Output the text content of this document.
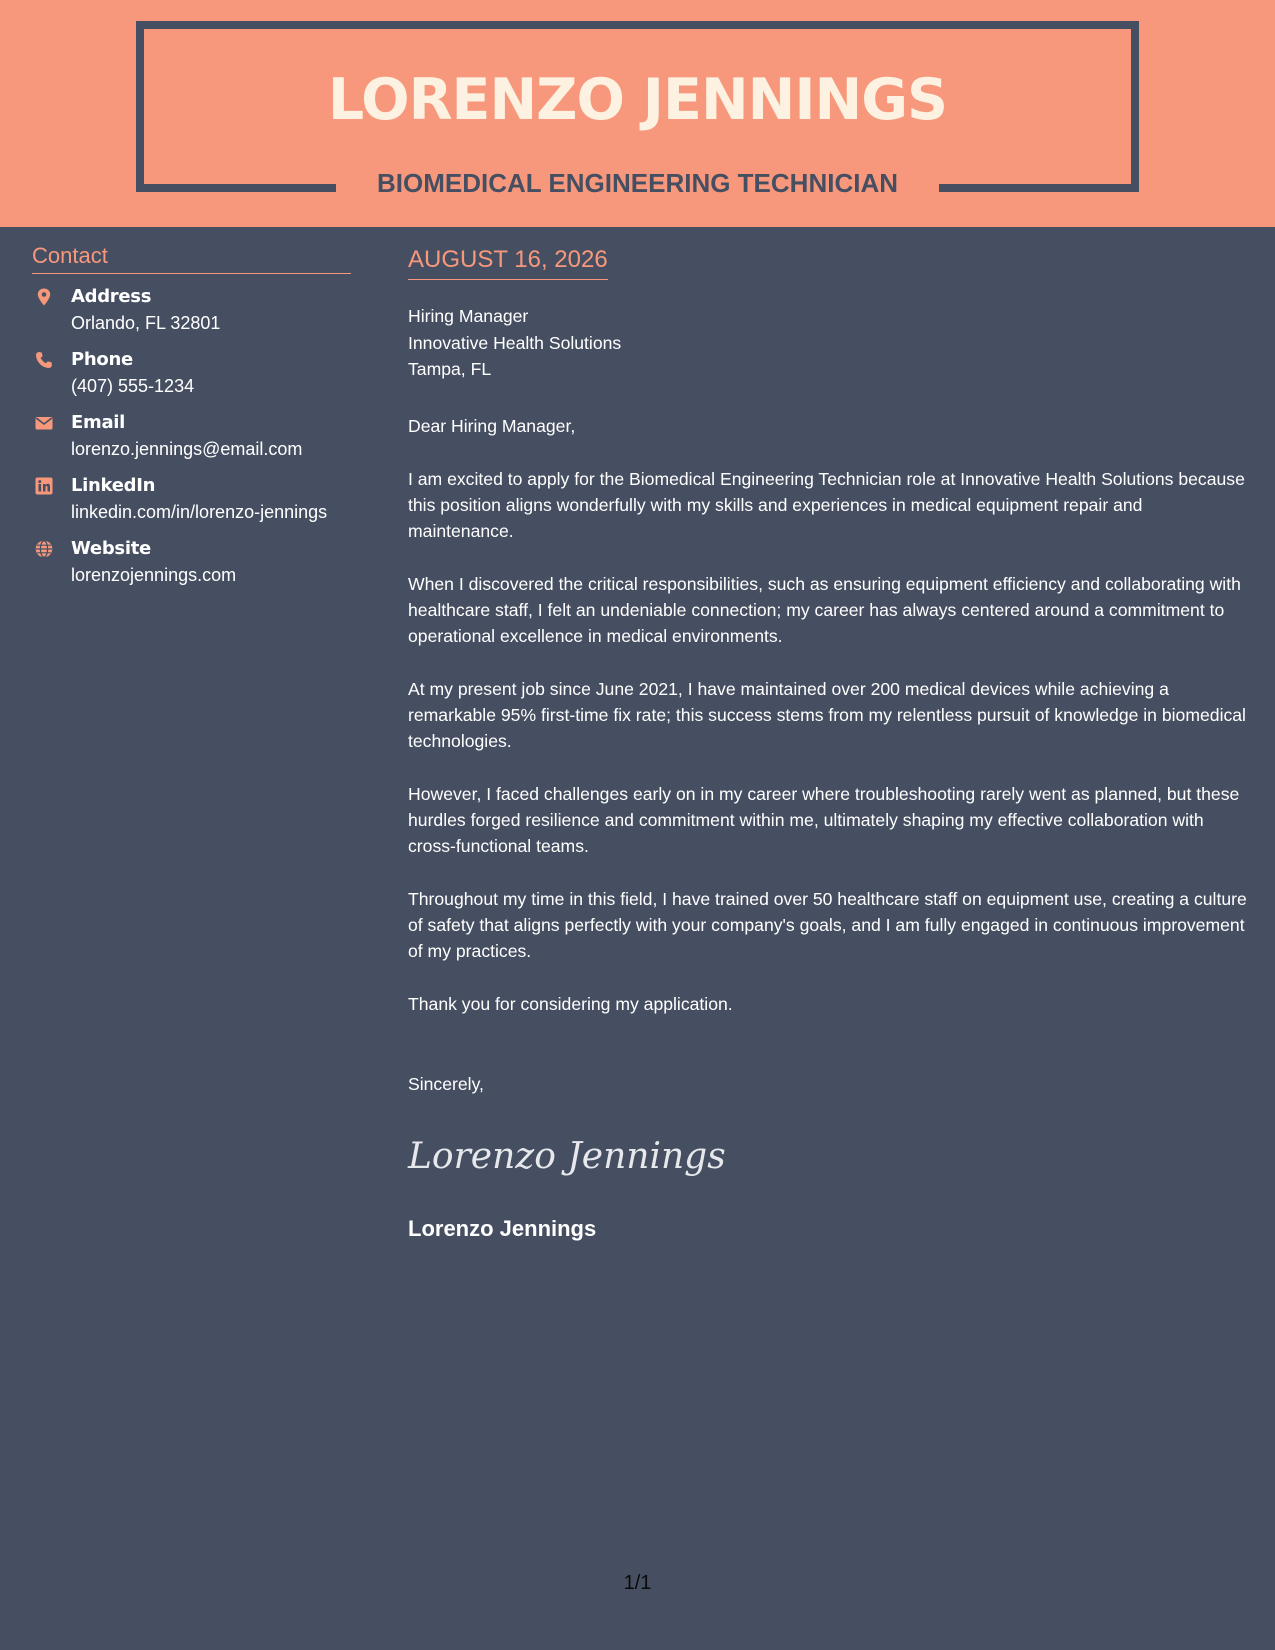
LORENZO JENNINGS
BIOMEDICAL ENGINEERING TECHNICIAN
Contact
Address
Orlando, FL 32801
Phone
(407) 555-1234
Email
lorenzo.jennings@email.com
LinkedIn
linkedin.com/in/lorenzo-jennings
Website
lorenzojennings.com
AUGUST 16, 2026
Hiring Manager
Innovative Health Solutions
Tampa, FL
Dear Hiring Manager,
I am excited to apply for the Biomedical Engineering Technician role at Innovative Health Solutions because this position aligns wonderfully with my skills and experiences in medical equipment repair and maintenance.
When I discovered the critical responsibilities, such as ensuring equipment efficiency and collaborating with healthcare staff, I felt an undeniable connection; my career has always centered around a commitment to operational excellence in medical environments.
At my present job since June 2021, I have maintained over 200 medical devices while achieving a remarkable 95% first-time fix rate; this success stems from my relentless pursuit of knowledge in biomedical technologies.
However, I faced challenges early on in my career where troubleshooting rarely went as planned, but these hurdles forged resilience and commitment within me, ultimately shaping my effective collaboration with cross-functional teams.
Throughout my time in this field, I have trained over 50 healthcare staff on equipment use, creating a culture of safety that aligns perfectly with your company's goals, and I am fully engaged in continuous improvement of my practices.
Thank you for considering my application.
Sincerely,
Lorenzo Jennings
Lorenzo Jennings
1/1
